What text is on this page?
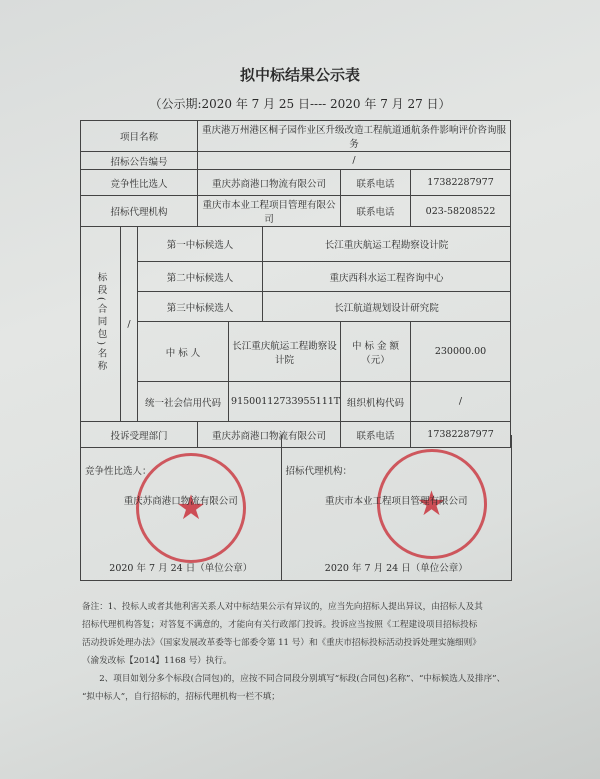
拟中标结果公示表
（公示期:2020 年 7 月 25 日---- 2020 年 7 月 27 日）
项目名称			重庆港万州港区桐子园作业区升级改造工程航道通航条件影响评价咨询服务				
招标公告编号			/				
竞争性比选人			重庆苏商港口物流有限公司			联系电话	17382287977
招标代理机构			重庆市本业工程项目管理有限公司			联系电话	023-58208522
标段(合同包)名称	/	第一中标候选人			长江重庆航运工程勘察设计院		
		第二中标候选人			重庆西科水运工程咨询中心		
		第三中标候选人			长江航道规划设计研究院		
		中 标 人		长江重庆航运工程勘察设计院		中 标 金 额（元）	230000.00
		统一社会信用代码		91500112733955111T		组织机构代码	/
投诉受理部门			重庆苏商港口物流有限公司			联系电话	17382287977
★
竞争性比选人：
重庆苏商港口物流有限公司
2020 年 7 月 24 日（单位公章）
★
招标代理机构：
重庆市本业工程项目管理有限公司
2020 年 7 月 24 日（单位公章）
备注：1、投标人或者其他利害关系人对中标结果公示有异议的，应当先向招标人提出异议，由招标人及其
招标代理机构答复；对答复不满意的，才能向有关行政部门投诉。投诉应当按照《工程建设项目招标投标
活动投诉处理办法》（国家发展改革委等七部委令第 11 号）和《重庆市招标投标活动投诉处理实施细则》
（渝发改标【2014】1168 号）执行。
　　2、项目如划分多个标段(合同包)的，应按不同合同段分别填写“标段(合同包)名称”、“中标候选人及排序”、
“拟中标人”，自行招标的，招标代理机构一栏不填；
